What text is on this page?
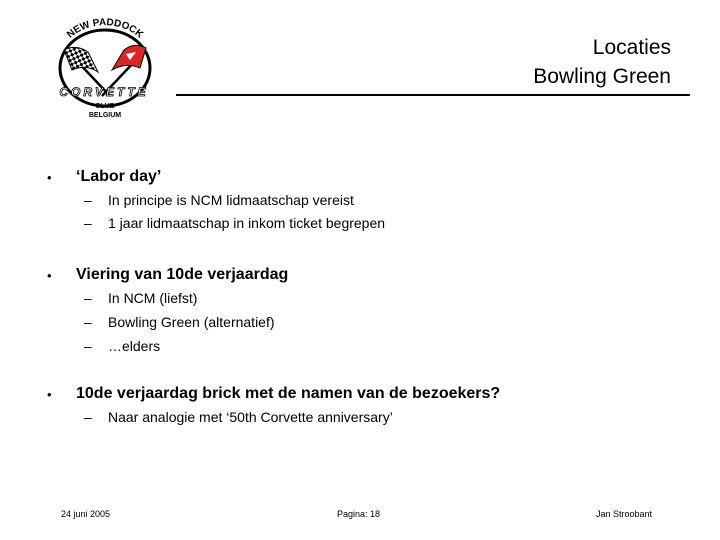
NEW PADDOCK
CORVETTE
CLUB
BELGIUM
Locaties
Bowling Green
• ‘Labor day’
– In principe is NCM lidmaatschap vereist
– 1 jaar lidmaatschap in inkom ticket begrepen
• Viering van 10de verjaardag
– In NCM (liefst)
– Bowling Green (alternatief)
– …elders
• 10de verjaardag brick met de namen van de bezoekers?
– Naar analogie met ‘50th Corvette anniversary’
24 juni 2005	Pagina: 18	Jan Stroobant
